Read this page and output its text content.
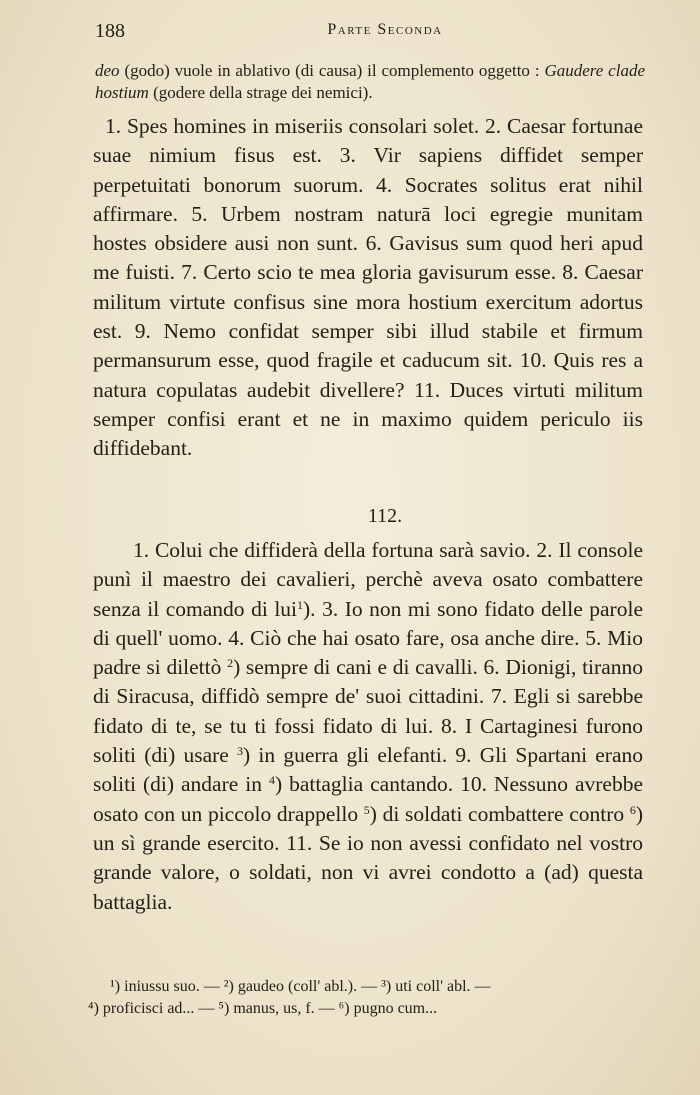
188	Parte Seconda
deo (godo) vuole in ablativo (di causa) il complemento oggetto : Gaudere clade hostium (godere della strage dei nemici).
1. Spes homines in miseriis consolari solet. 2. Caesar fortunae suae nimium fisus est. 3. Vir sapiens diffidet semper perpetuitati bonorum suorum. 4. Socrates solitus erat nihil affirmare. 5. Urbem nostram naturā loci egregie munitam hostes obsidere ausi non sunt. 6. Gavisus sum quod heri apud me fuisti. 7. Certo scio te mea gloria gavisurum esse. 8. Caesar militum virtute confisus sine mora hostium exercitum adortus est. 9. Nemo confidat semper sibi illud stabile et firmum permansurum esse, quod fragile et caducum sit. 10. Quis res a natura copulatas audebit divellere? 11. Duces virtuti militum semper confisi erant et ne in maximo quidem periculo iis diffidebant.
112.
1. Colui che diffiderà della fortuna sarà savio. 2. Il console punì il maestro dei cavalieri, perchè aveva osato combattere senza il comando di lui$^1$). 3. Io non mi sono fidato delle parole di quell' uomo. 4. Ciò che hai osato fare, osa anche dire. 5. Mio padre si dilettò $^2$) sempre di cani e di cavalli. 6. Dionigi, tiranno di Siracusa, diffidò sempre de' suoi cittadini. 7. Egli si sarebbe fidato di te, se tu ti fossi fidato di lui. 8. I Cartaginesi furono soliti (di) usare $^3$) in guerra gli elefanti. 9. Gli Spartani erano soliti (di) andare in $^4$) battaglia cantando. 10. Nessuno avrebbe osato con un piccolo drappello $^5$) di soldati combattere contro $^6$) un sì grande esercito. 11. Se io non avessi confidato nel vostro grande valore, o soldati, non vi avrei condotto a (ad) questa battaglia.
¹) iniussu suo. — ²) gaudeo (coll' abl.). — ³) uti coll' abl. —
⁴) proficisci ad... — ⁵) manus, us, f. — ⁶) pugno cum...
